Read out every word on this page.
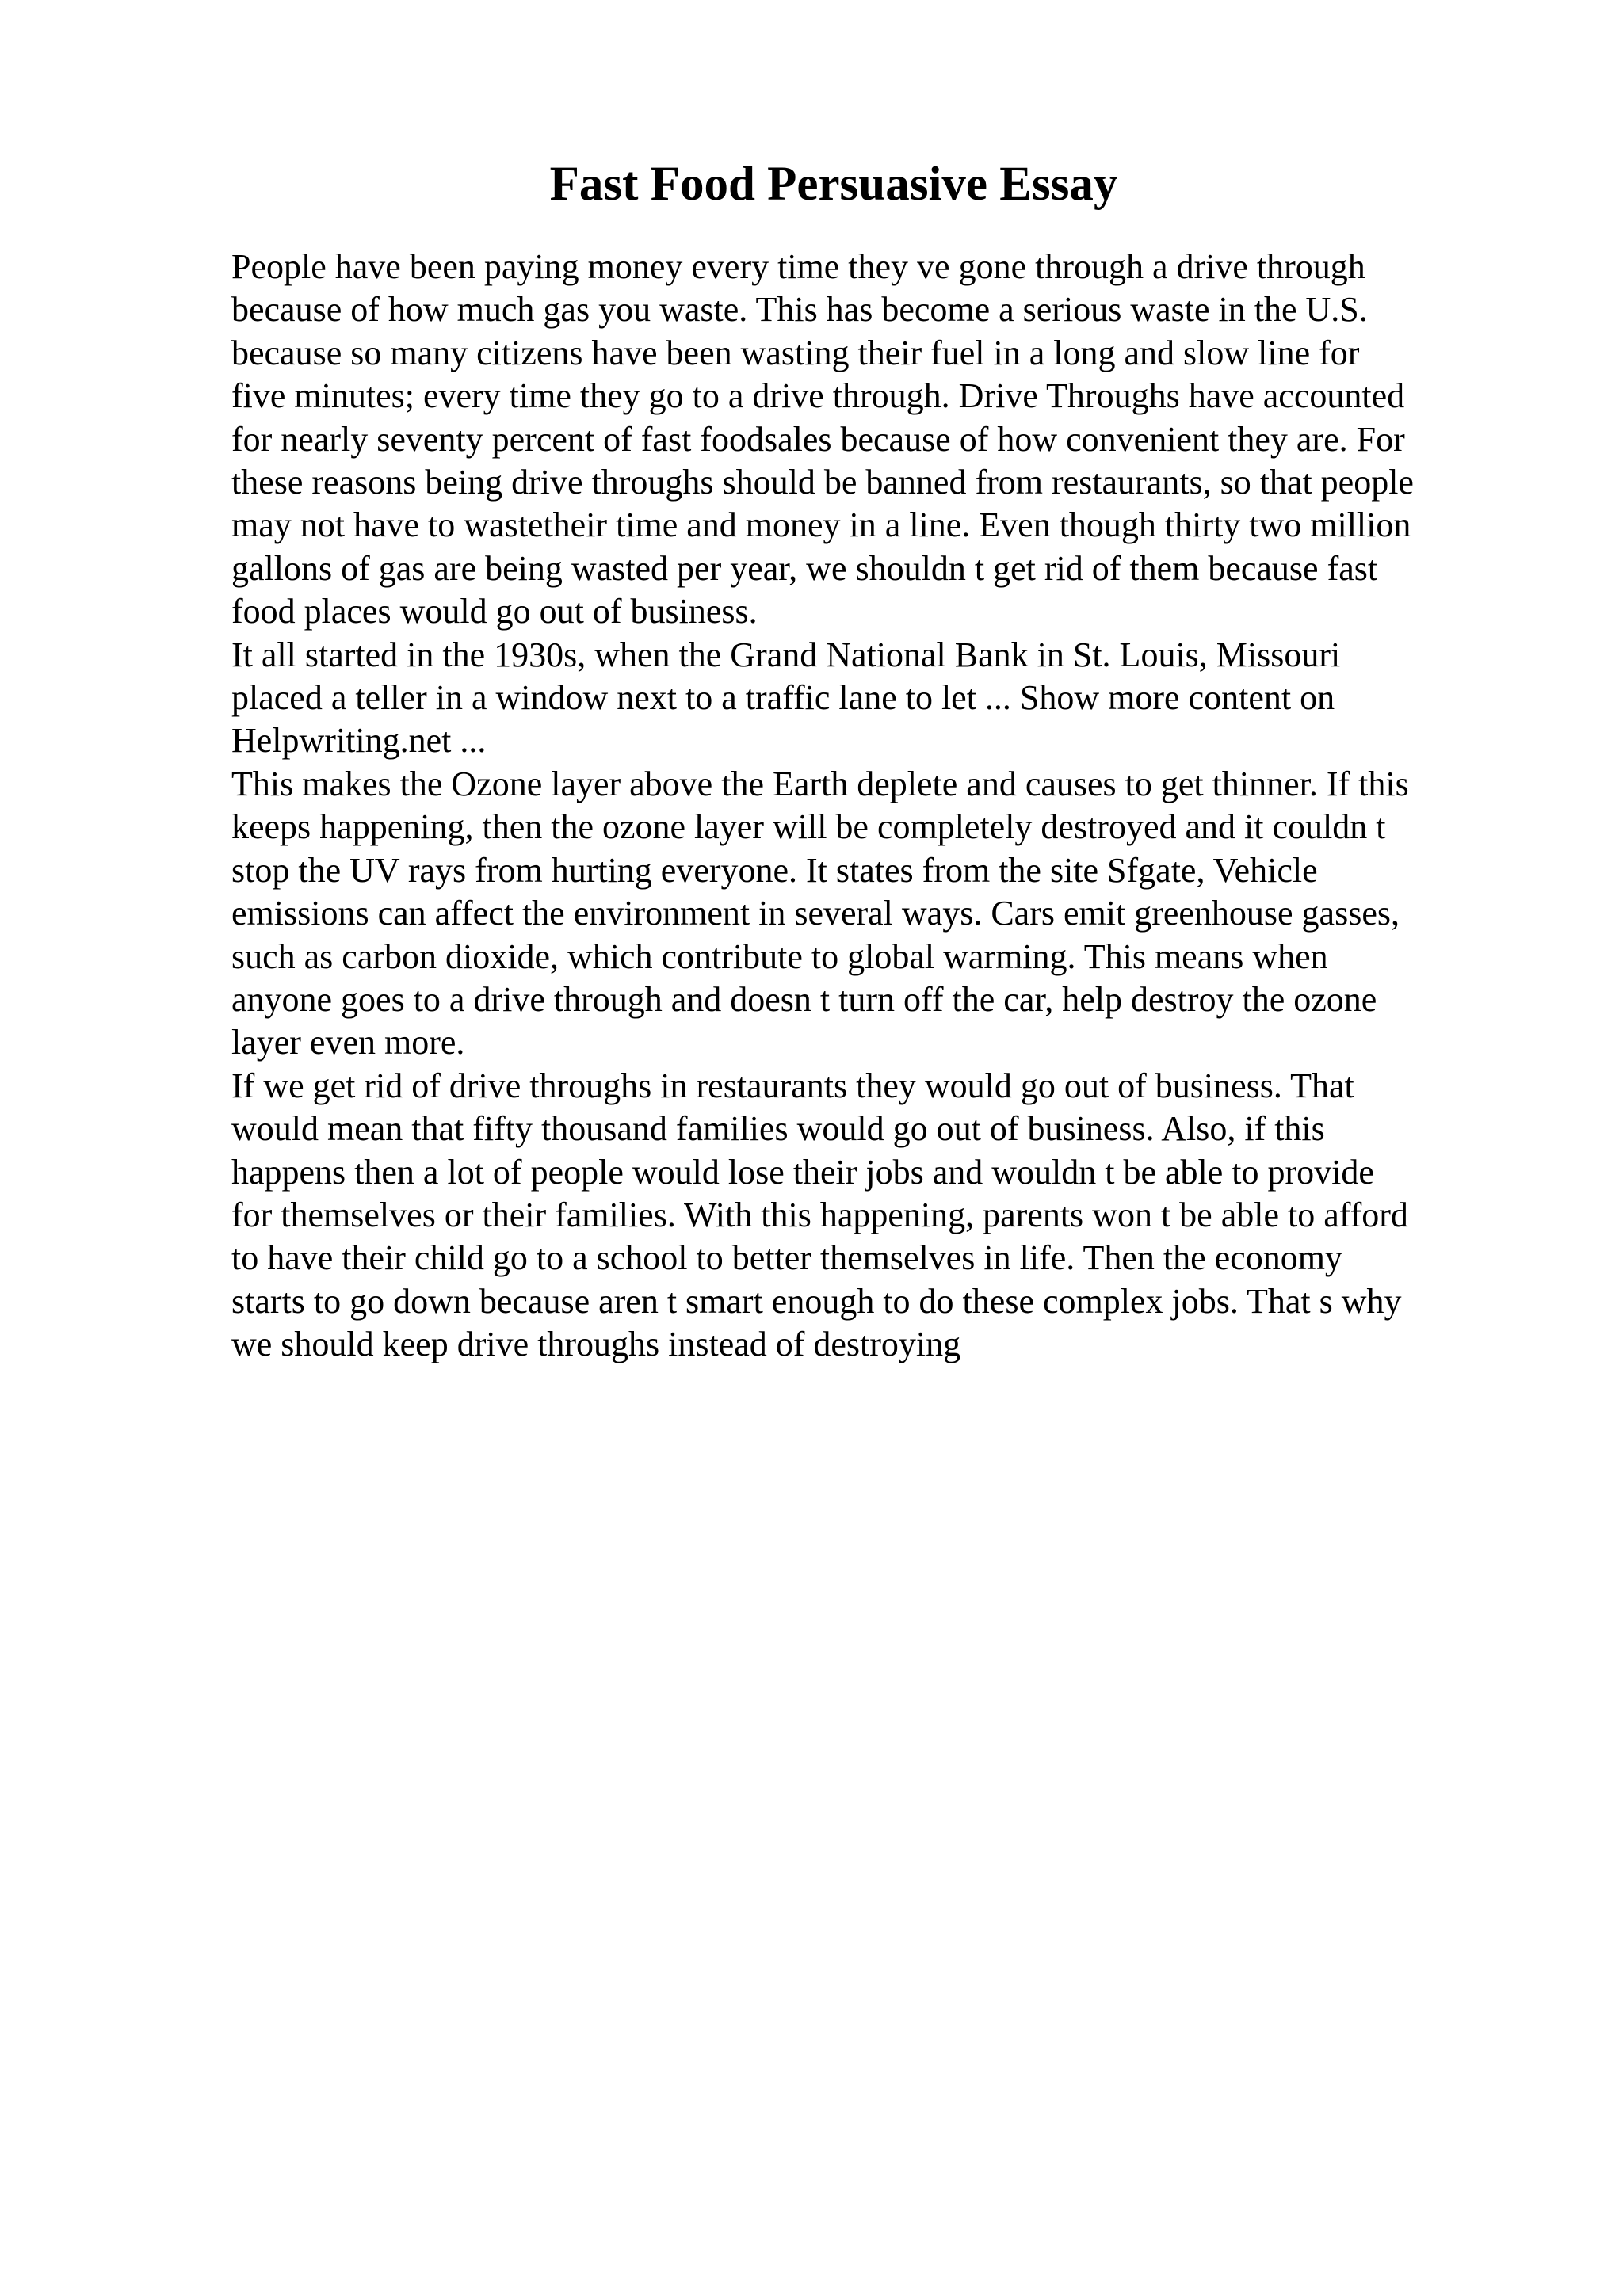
Fast Food Persuasive Essay
People have been paying money every time they ve gone through a drive through
because of how much gas you waste. This has become a serious waste in the U.S.
because so many citizens have been wasting their fuel in a long and slow line for
five minutes; every time they go to a drive through. Drive Throughs have accounted
for nearly seventy percent of fast foodsales because of how convenient they are. For
these reasons being drive throughs should be banned from restaurants, so that people
may not have to wastetheir time and money in a line. Even though thirty two million
gallons of gas are being wasted per year, we shouldn t get rid of them because fast
food places would go out of business.
It all started in the 1930s, when the Grand National Bank in St. Louis, Missouri
placed a teller in a window next to a traffic lane to let ... Show more content on
Helpwriting.net ...
This makes the Ozone layer above the Earth deplete and causes to get thinner. If this
keeps happening, then the ozone layer will be completely destroyed and it couldn t
stop the UV rays from hurting everyone. It states from the site Sfgate, Vehicle
emissions can affect the environment in several ways. Cars emit greenhouse gasses,
such as carbon dioxide, which contribute to global warming. This means when
anyone goes to a drive through and doesn t turn off the car, help destroy the ozone
layer even more.
If we get rid of drive throughs in restaurants they would go out of business. That
would mean that fifty thousand families would go out of business. Also, if this
happens then a lot of people would lose their jobs and wouldn t be able to provide
for themselves or their families. With this happening, parents won t be able to afford
to have their child go to a school to better themselves in life. Then the economy
starts to go down because aren t smart enough to do these complex jobs. That s why
we should keep drive throughs instead of destroying
